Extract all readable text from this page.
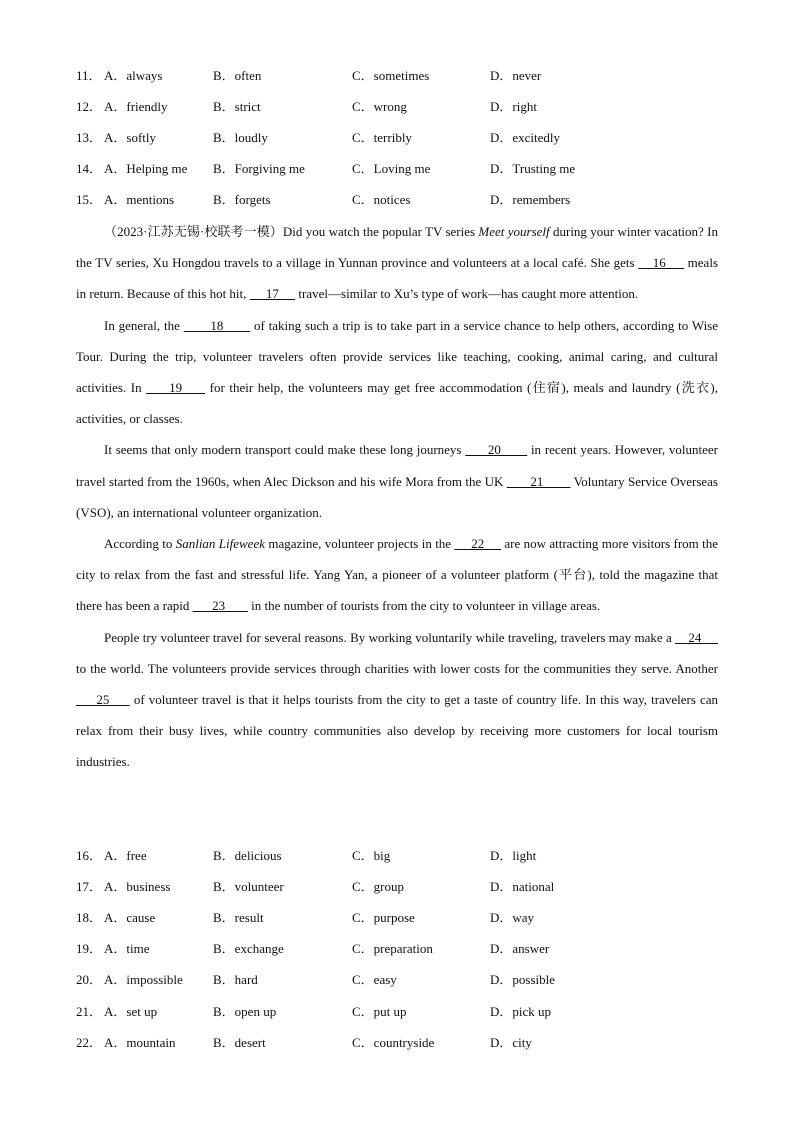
11． A．always	B．often	C．sometimes	D．never
12． A．friendly	B．strict	C．wrong	D．right
13． A．softly	B．loudly	C．terribly	D．excitedly
14． A．Helping me B．Forgiving me	C．Loving me	D．Trusting me
15． A．mentions	B．forgets	C．notices	D．remembers

（2023·江苏无锡·校联考一模）Did you watch the popular TV series Meet yourself during your winter vacation? In the TV series, Xu Hongdou travels to a village in Yunnan province and volunteers at a local café. She gets     16      meals in return. Because of this hot hit,      17      travel—similar to Xu’s type of work—has caught more attention.

In general, the        18        of taking such a trip is to take part in a service chance to help others, according to Wise Tour. During the trip, volunteer travelers often provide services like teaching, cooking, animal caring, and cultural activities. In      19      for their help, the volunteers may get free accommodation (住宿), meals and laundry (洗衣), activities, or classes.

It seems that only modern transport could make these long journeys       20        in recent years. However, volunteer travel started from the 1960s, when Alec Dickson and his wife Mora from the UK        21         Voluntary Service Overseas (VSO), an international volunteer organization.

According to Sanlian Lifeweek magazine, volunteer projects in the      22      are now attracting more visitors from the city to relax from the fast and stressful life. Yang Yan, a pioneer of a volunteer platform (平台), told the magazine that there has been a rapid       23        in the number of tourists from the city to volunteer in village areas.

People try volunteer travel for several reasons. By working voluntarily while traveling, travelers may make a     24      to the world. The volunteers provide services through charities with lower costs for the communities they serve. Another      25      of volunteer travel is that it helps tourists from the city to get a taste of country life. In this way, travelers can relax from their busy lives, while country communities also develop by receiving more customers for local tourism industries.

16． A．free	B．delicious	C．big	D．light
17． A．business	B．volunteer	C．group	D．national
18． A．cause	B．result	C．purpose	D．way
19． A．time	B．exchange	C．preparation	D．answer
20． A．impossible B．hard	C．easy	D．possible
21． A．set up	B．open up	C．put up	D．pick up
22． A．mountain	B．desert	C．countryside	D．city
